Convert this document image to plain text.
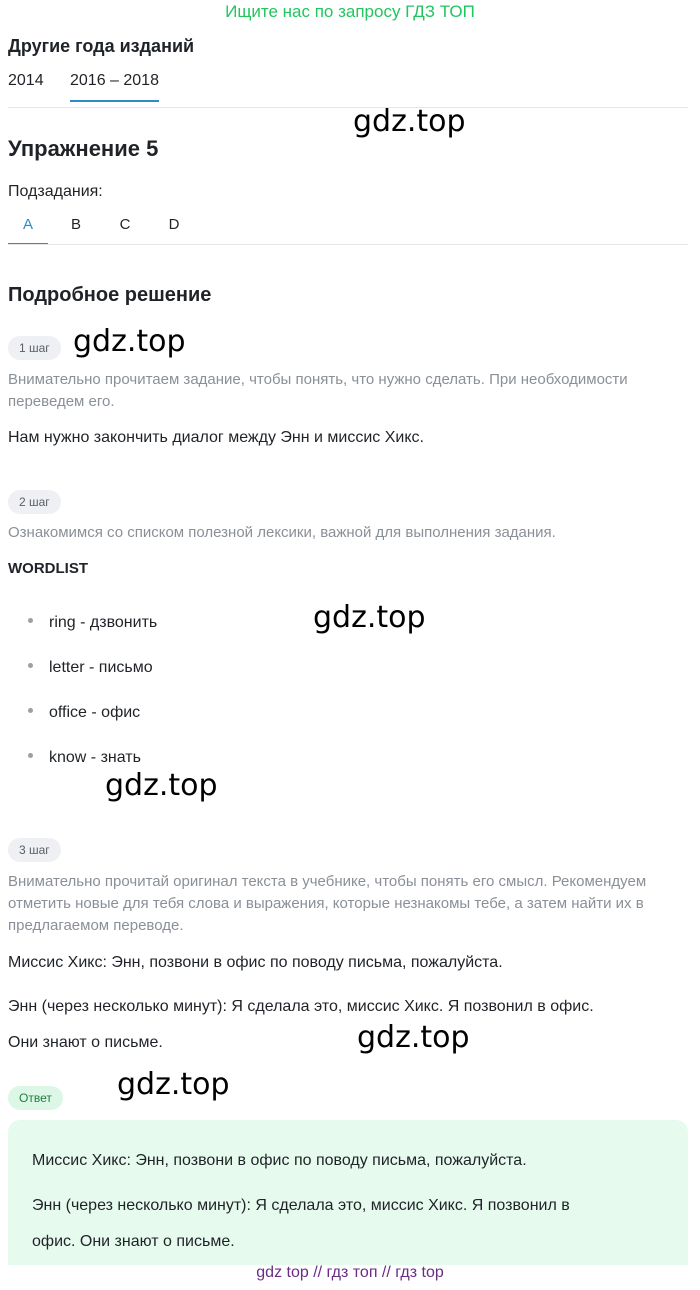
Ищите нас по запросу ГДЗ ТОП
Другие года изданий
2014 2016 – 2018
gdz.top
Упражнение 5
Подзадания:
A	B	C	D
Подробное решение
1 шаг gdz.top
Внимательно прочитаем задание, чтобы понять, что нужно сделать. При необходимости переведем его.
Нам нужно закончить диалог между Энн и миссис Хикс.
2 шаг
Ознакомимся со списком полезной лексики, важной для выполнения задания.
WORDLIST
ring - дзвонить
letter - письмо
office - офис
know - знать
gdz.top
gdz.top
3 шаг
Внимательно прочитай оригинал текста в учебнике, чтобы понять его смысл. Рекомендуем отметить новые для тебя слова и выражения, которые незнакомы тебе, а затем найти их в предлагаемом переводе.
Миссис Хикс: Энн, позвони в офис по поводу письма, пожалуйста.
Энн (через несколько минут): Я сделала это, миссис Хикс. Я позвонил в офис.
Они знают о письме.	gdz.top
Ответ	gdz.top
Миссис Хикс: Энн, позвони в офис по поводу письма, пожалуйста.
Энн (через несколько минут): Я сделала это, миссис Хикс. Я позвонил в
офис. Они знают о письме.
gdz top // гдз топ // гдз top
